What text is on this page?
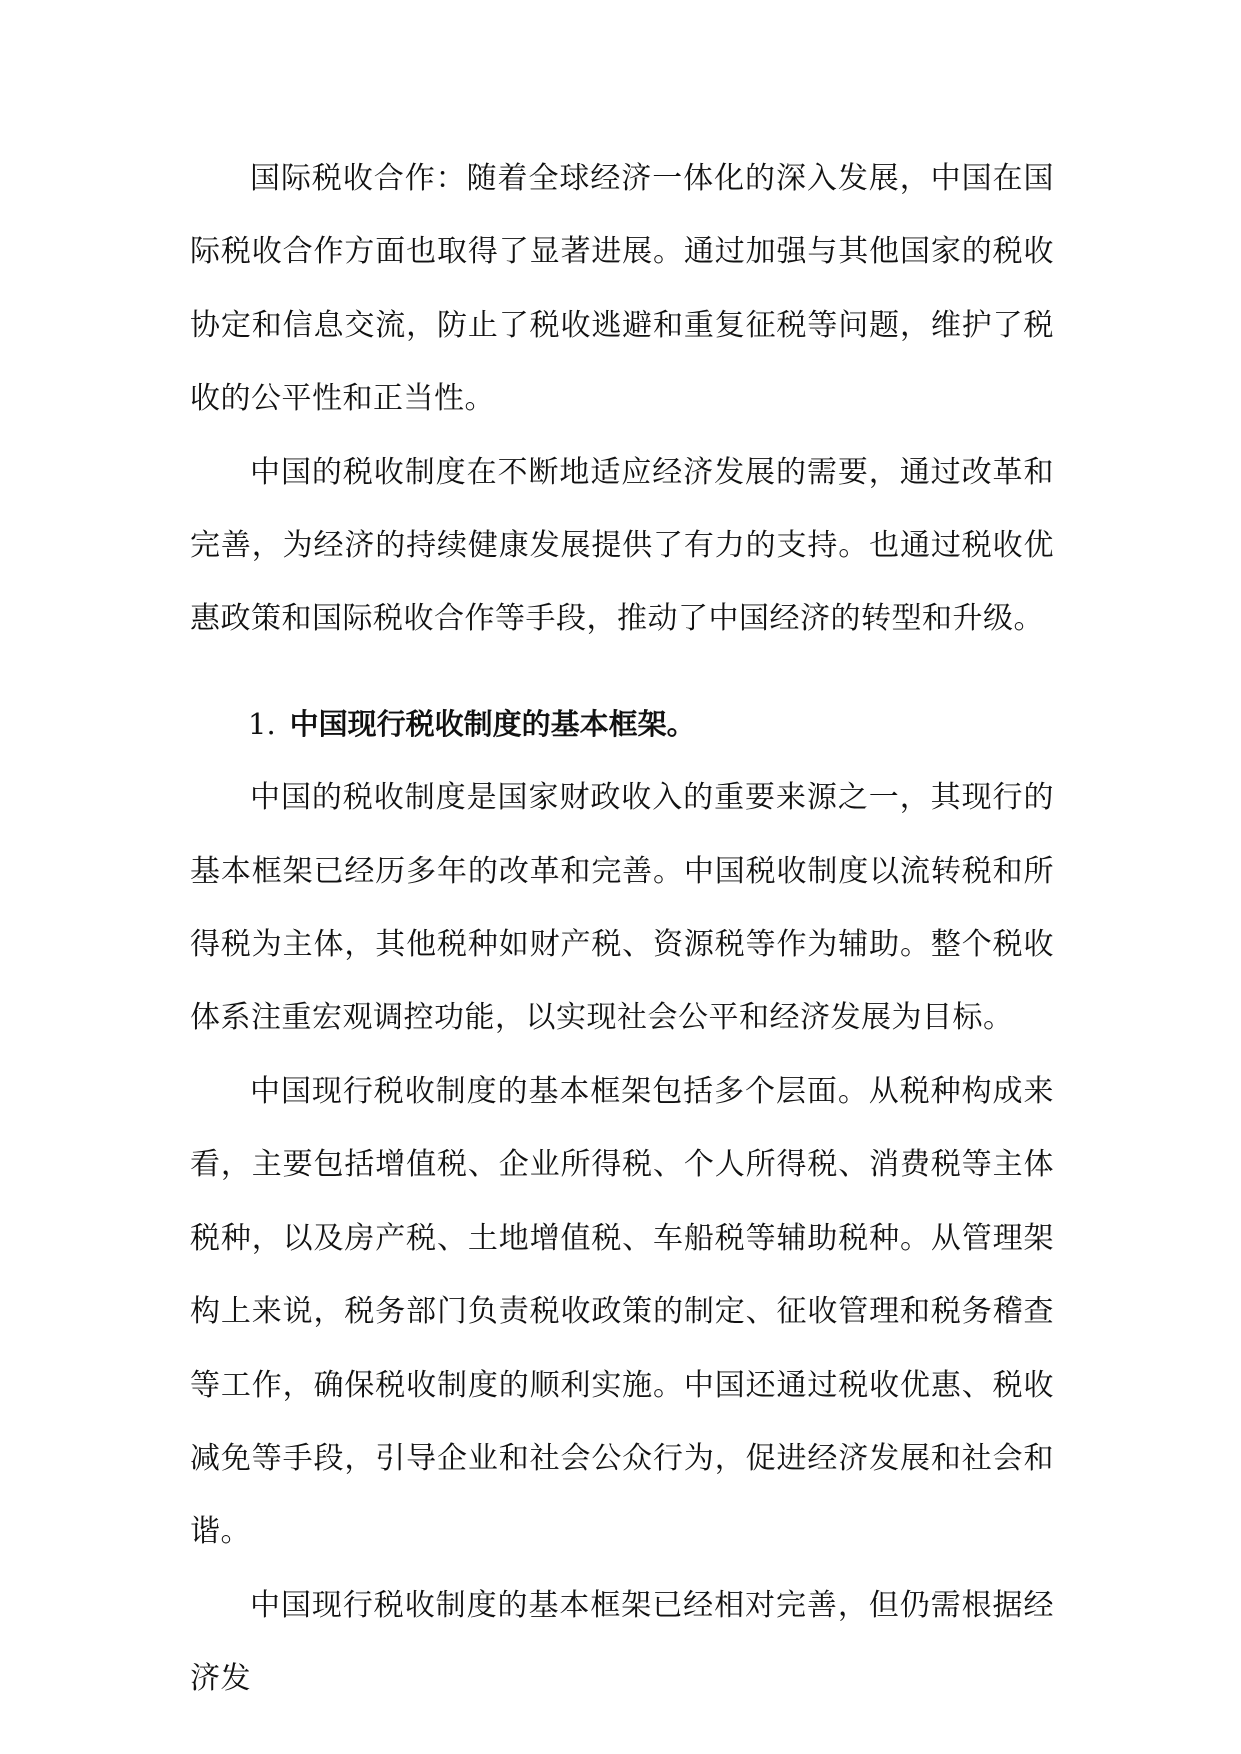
国际税收合作：随着全球经济一体化的深入发展，中国在国际税收合作方面也取得了显著进展。通过加强与其他国家的税收协定和信息交流，防止了税收逃避和重复征税等问题，维护了税收的公平性和正当性。

中国的税收制度在不断地适应经济发展的需要，通过改革和完善，为经济的持续健康发展提供了有力的支持。也通过税收优惠政策和国际税收合作等手段，推动了中国经济的转型和升级。

1. 中国现行税收制度的基本框架。

中国的税收制度是国家财政收入的重要来源之一，其现行的基本框架已经历多年的改革和完善。中国税收制度以流转税和所得税为主体，其他税种如财产税、资源税等作为辅助。整个税收体系注重宏观调控功能，以实现社会公平和经济发展为目标。

中国现行税收制度的基本框架包括多个层面。从税种构成来看，主要包括增值税、企业所得税、个人所得税、消费税等主体税种，以及房产税、土地增值税、车船税等辅助税种。从管理架构上来说，税务部门负责税收政策的制定、征收管理和税务稽查等工作，确保税收制度的顺利实施。中国还通过税收优惠、税收减免等手段，引导企业和社会公众行为，促进经济发展和社会和谐。

中国现行税收制度的基本框架已经相对完善，但仍需根据经济发
